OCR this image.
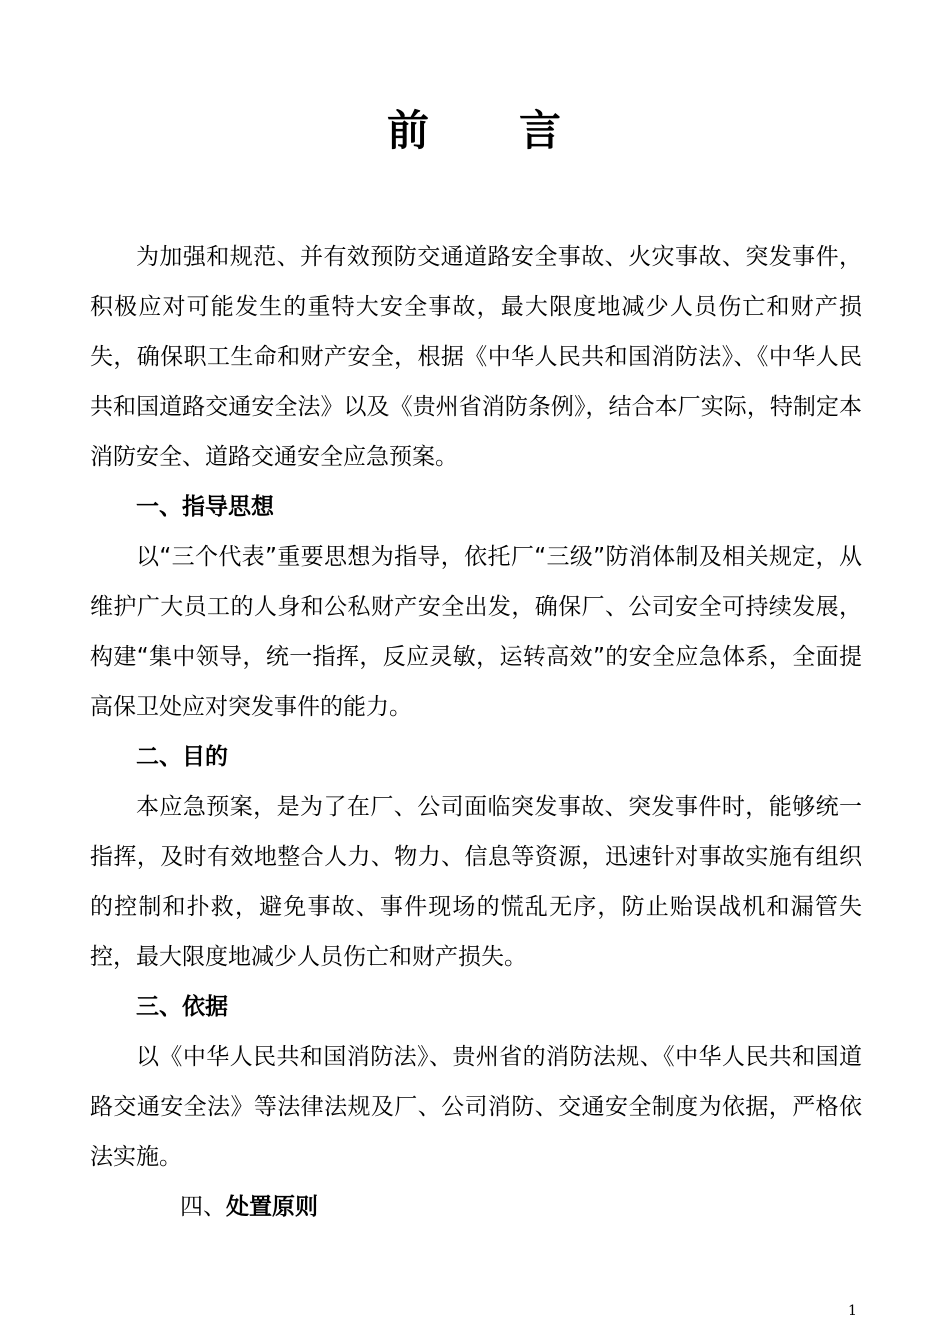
前 言

为加强和规范、并有效预防交通道路安全事故、火灾事故、突发事件，积极应对可能发生的重特大安全事故，最大限度地减少人员伤亡和财产损失，确保职工生命和财产安全，根据《中华人民共和国消防法》、《中华人民共和国道路交通安全法》以及《贵州省消防条例》，结合本厂实际，特制定本消防安全、道路交通安全应急预案。

一、指导思想

以“三个代表”重要思想为指导，依托厂“三级”防消体制及相关规定，从维护广大员工的人身和公私财产安全出发，确保厂、公司安全可持续发展，构建“集中领导，统一指挥，反应灵敏，运转高效”的安全应急体系，全面提高保卫处应对突发事件的能力。

二、目的

本应急预案，是为了在厂、公司面临突发事故、突发事件时，能够统一指挥，及时有效地整合人力、物力、信息等资源，迅速针对事故实施有组织的控制和扑救，避免事故、事件现场的慌乱无序，防止贻误战机和漏管失控，最大限度地减少人员伤亡和财产损失。

三、依据

以《中华人民共和国消防法》、贵州省的消防法规、《中华人民共和国道路交通安全法》等法律法规及厂、公司消防、交通安全制度为依据，严格依法实施。

四、处置原则

1
